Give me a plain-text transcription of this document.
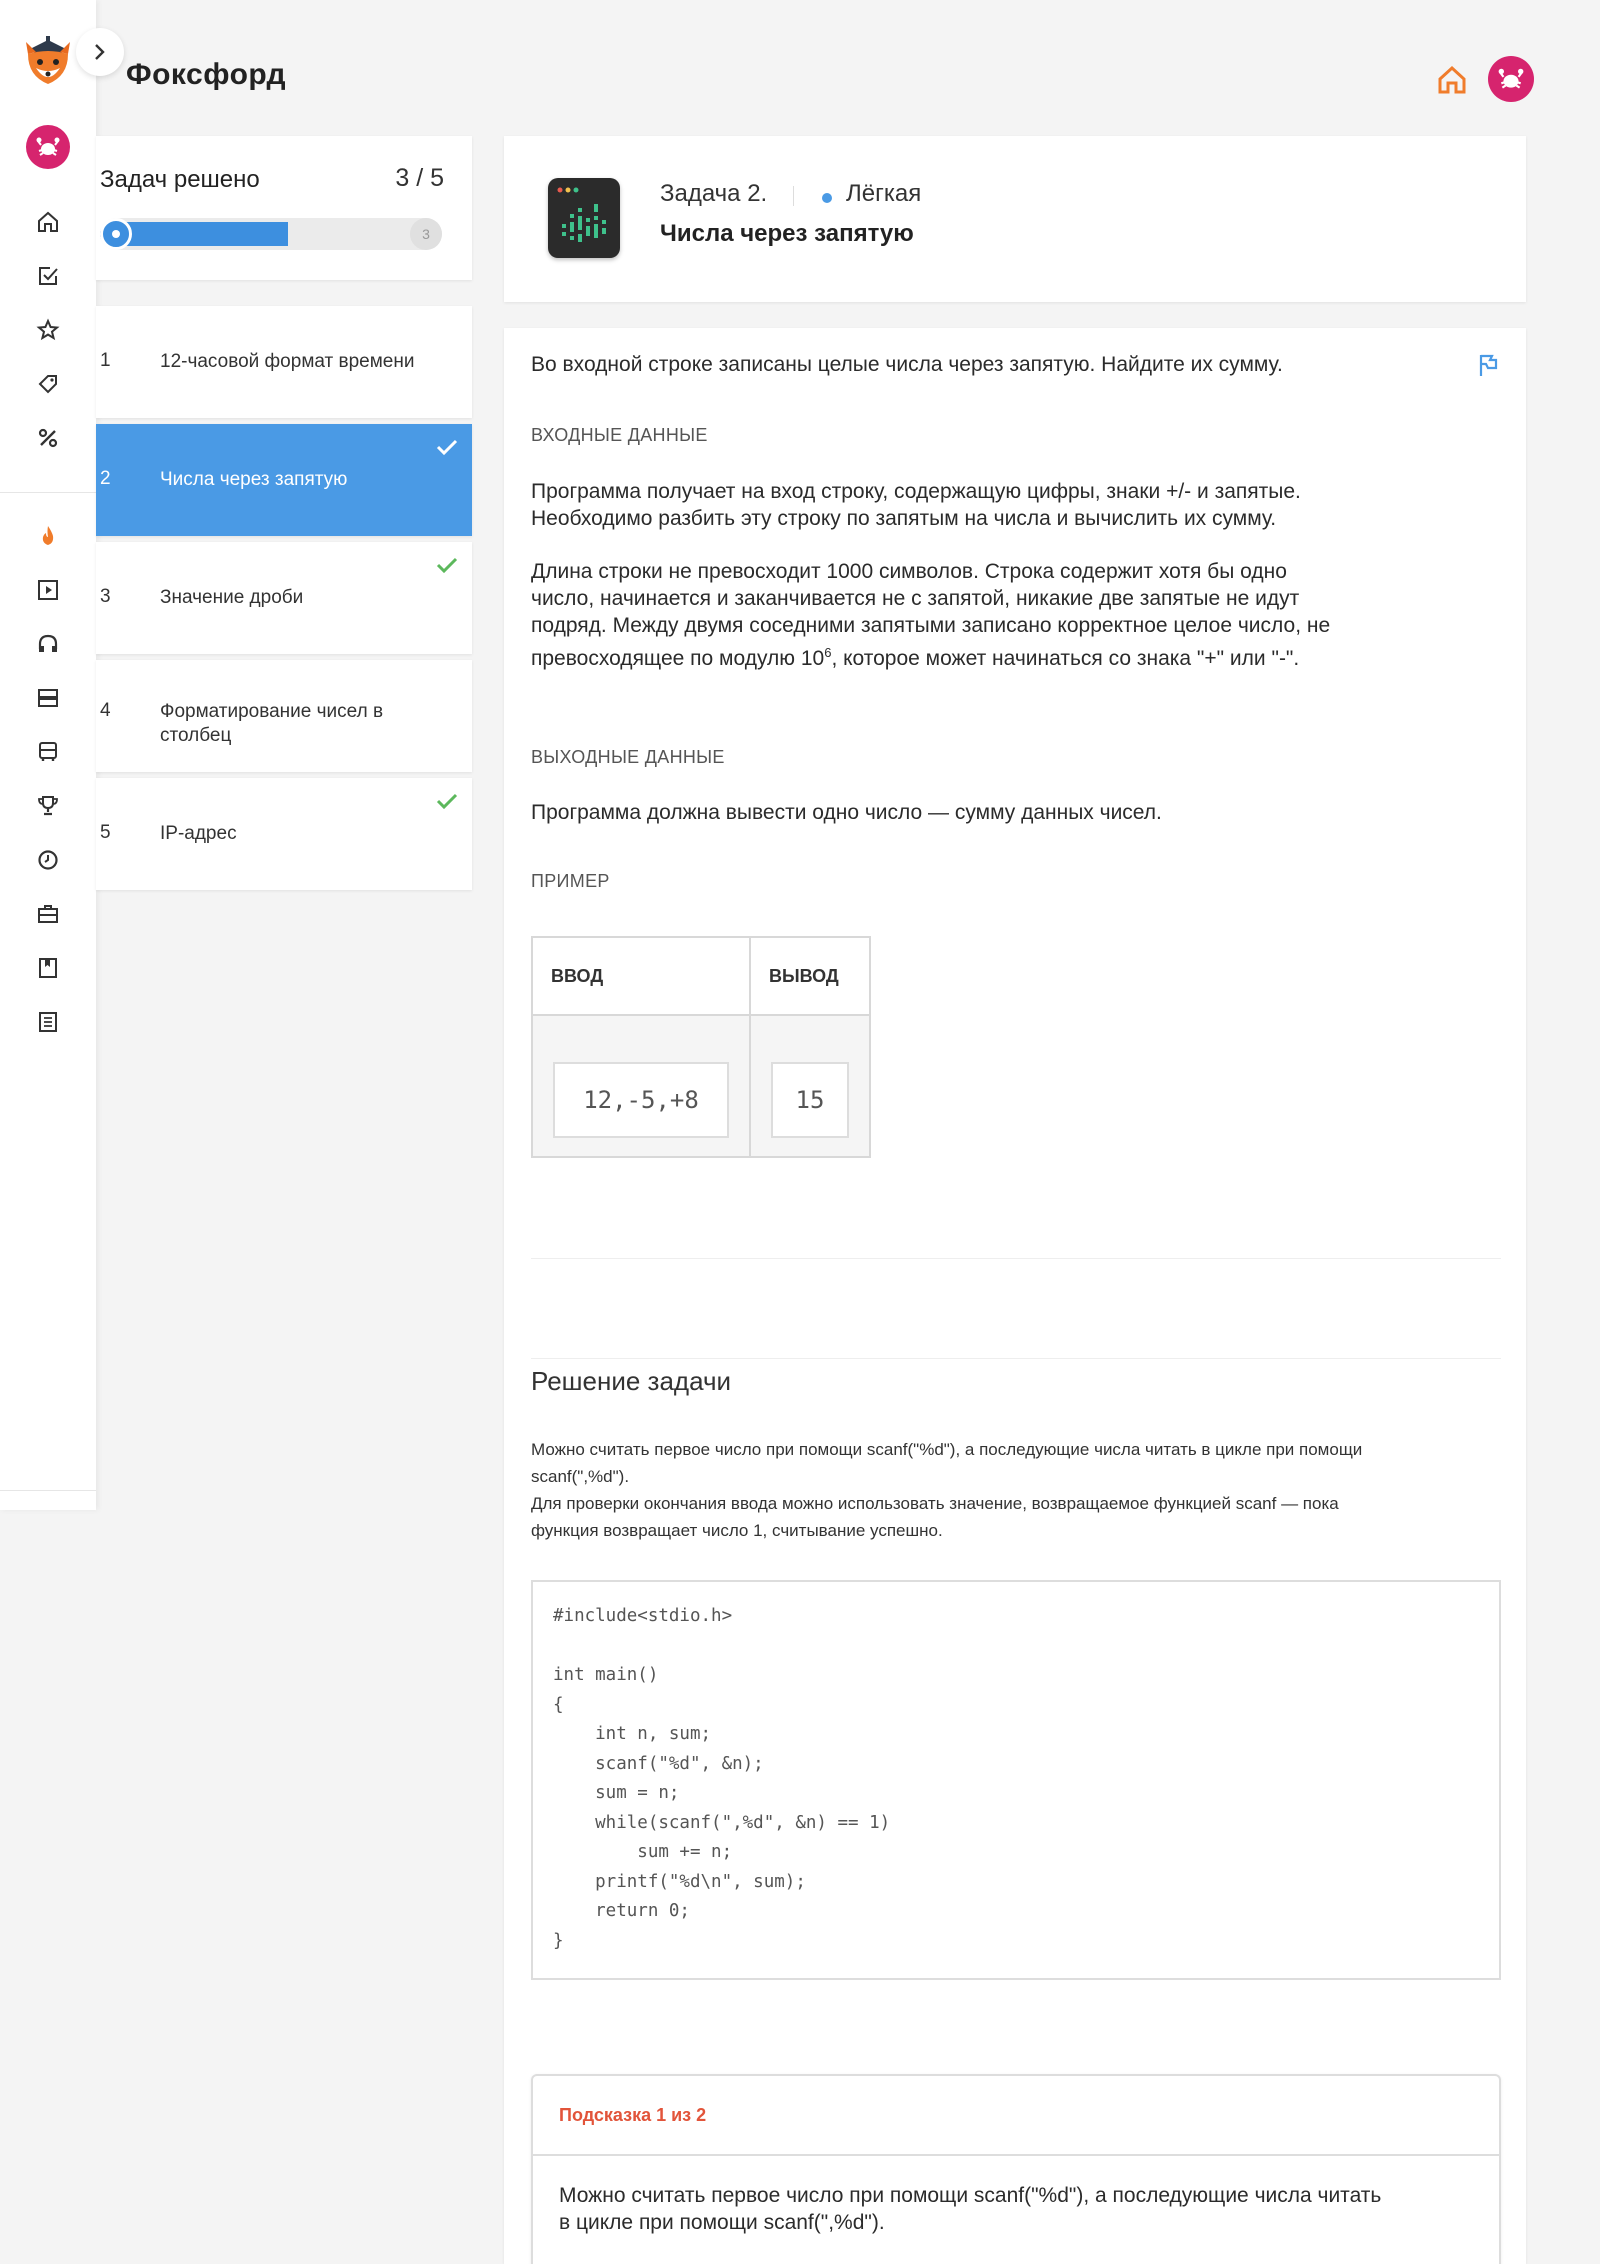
Фоксфорд
Задач решено	3 / 5
3
1	12-часовой формат времени
2	Числа через запятую
3	Значение дроби
4	Форматирование чисел в столбец
5	IP-адрес
Задача 2.	Лёгкая
Числа через запятую
Во входной строке записаны целые числа через запятую. Найдите их сумму.
ВХОДНЫЕ ДАННЫЕ
Программа получает на вход строку, содержащую цифры, знаки +/- и запятые.
Необходимо разбить эту строку по запятым на числа и вычислить их сумму.
Длина строки не превосходит 1000 символов. Строка содержит хотя бы одно
число, начинается и заканчивается не с запятой, никакие две запятые не идут
подряд. Между двумя соседними запятыми записано корректное целое число, не
превосходящее по модулю $10^6$, которое может начинаться со знака "+" или "-".
ВЫХОДНЫЕ ДАННЫЕ
Программа должна вывести одно число — сумму данных чисел.
ПРИМЕР
ВВОД	ВЫВОД
12,-5,+8	15
Решение задачи
Можно считать первое число при помощи scanf("%d"), а последующие числа читать в цикле при помощи
scanf(",%d").
Для проверки окончания ввода можно использовать значение, возвращаемое функцией scanf — пока
функция возвращает число 1, считывание успешно.
#include<stdio.h>

int main()
{
int n, sum;
scanf("%d", &n);
sum = n;
while(scanf(",%d", &n) == 1)
sum += n;
printf("%d\n", sum);
return 0;
}
Подсказка 1 из 2
Можно считать первое число при помощи scanf("%d"), а последующие числа читать
в цикле при помощи scanf(",%d").
